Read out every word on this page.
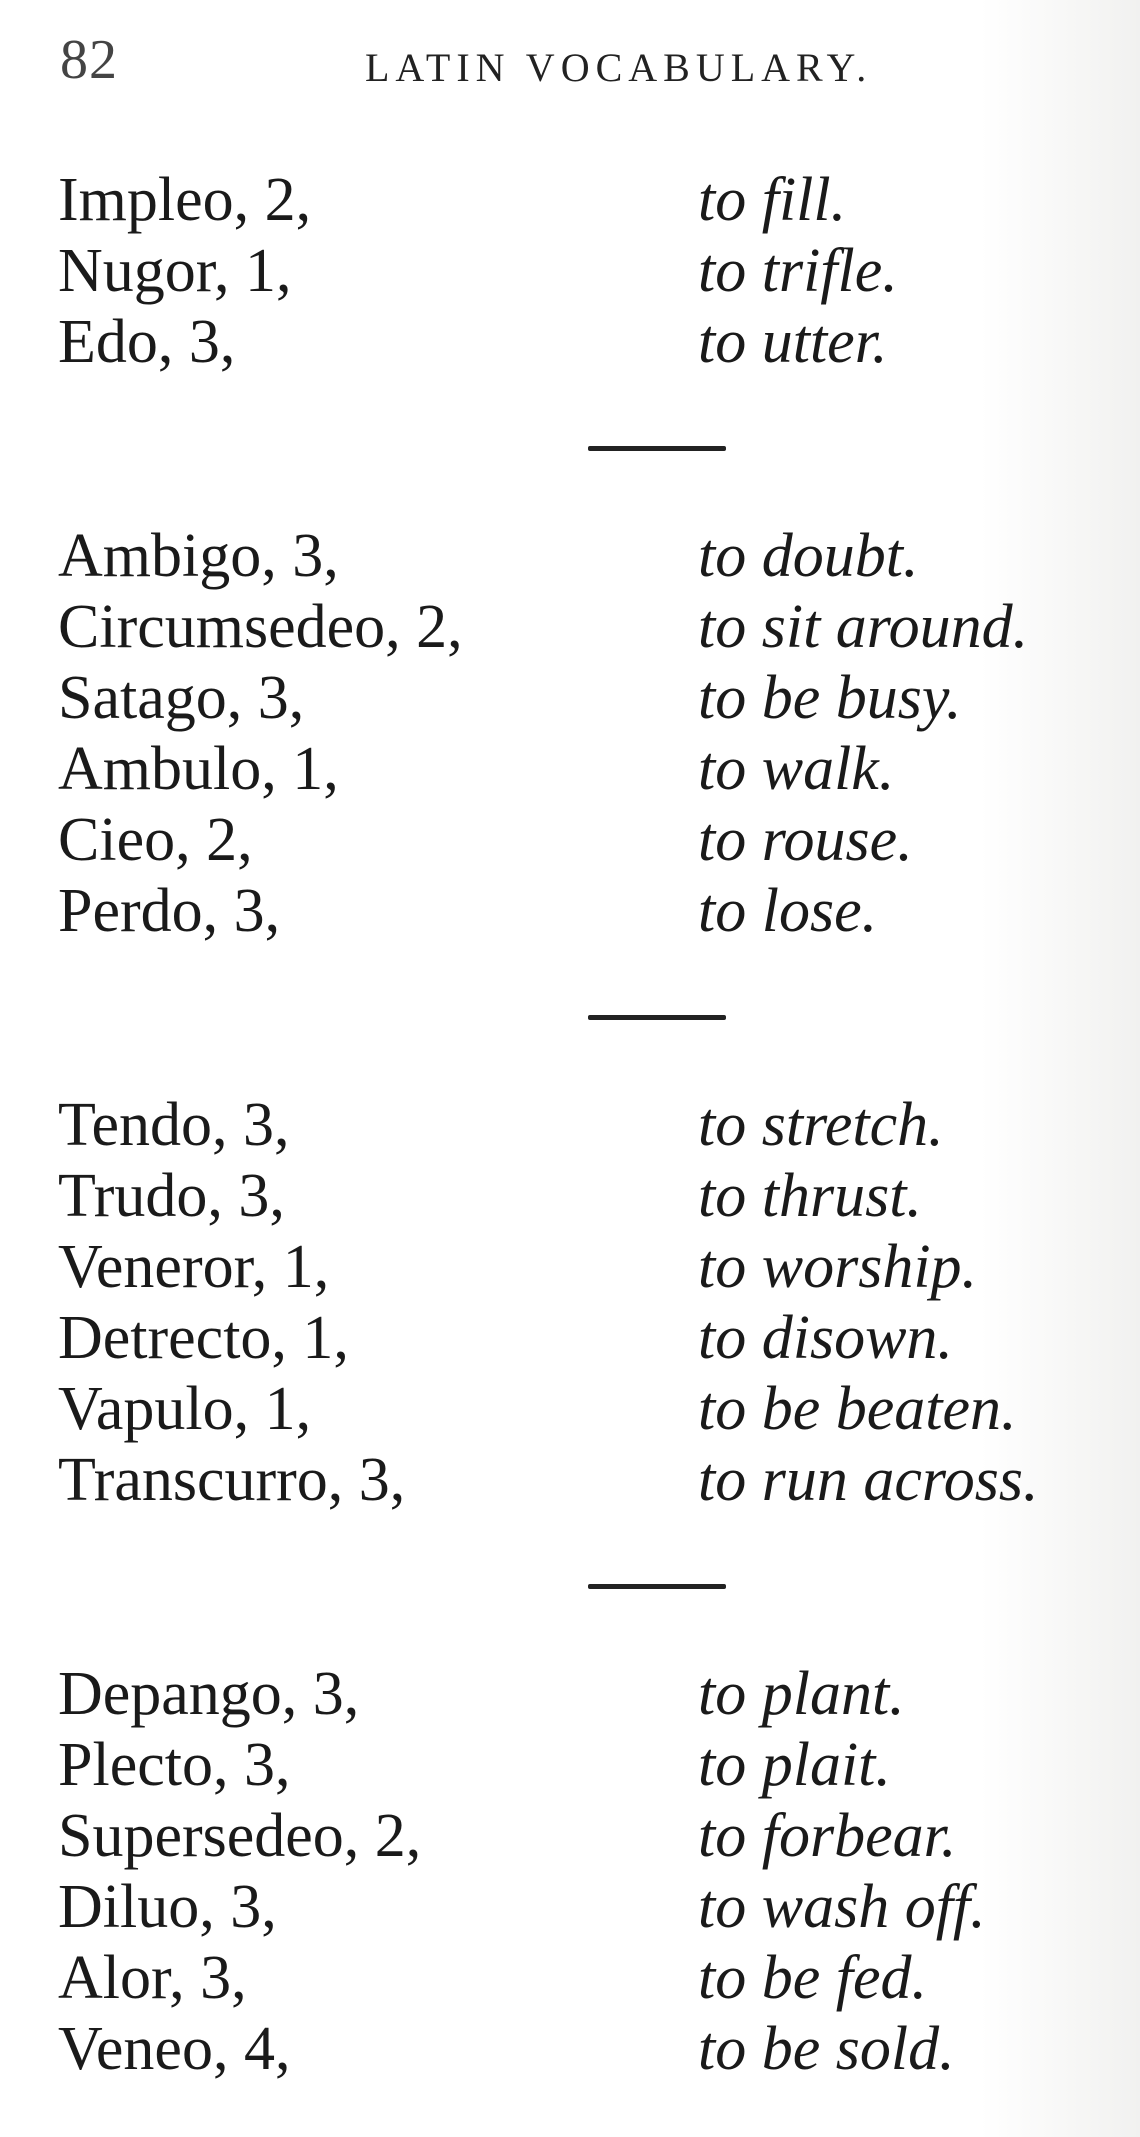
82	LATIN VOCABULARY.
Impleo, 2,	to fill.
Nugor, 1,	to trifle.
Edo, 3,	to utter.
Ambigo, 3,	to doubt.
Circumsedeo, 2,	to sit around.
Satago, 3,	to be busy.
Ambulo, 1,	to walk.
Cieo, 2,	to rouse.
Perdo, 3,	to lose.
Tendo, 3,	to stretch.
Trudo, 3,	to thrust.
Veneror, 1,	to worship.
Detrecto, 1,	to disown.
Vapulo, 1,	to be beaten.
Transcurro, 3,	to run across.
Depango, 3,	to plant.
Plecto, 3,	to plait.
Supersedeo, 2,	to forbear.
Diluo, 3,	to wash off.
Alor, 3,	to be fed.
Veneo, 4,	to be sold.
